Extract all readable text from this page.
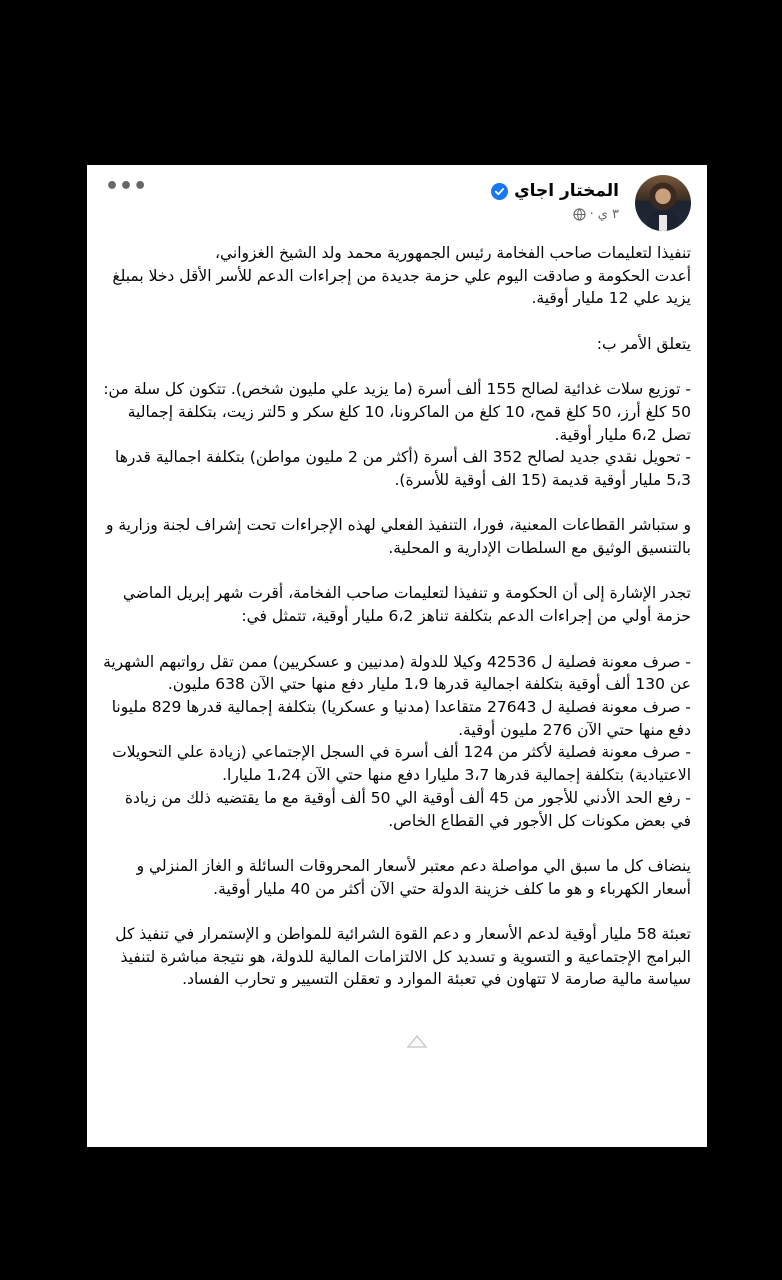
المختار اجاي
٣ ي
·
•••

تنفيذا لتعليمات صاحب الفخامة رئيس الجمهورية محمد ولد الشيخ الغزواني،
أعدت الحكومة و صادقت اليوم علي حزمة جديدة من إجراءات الدعم للأسر الأقل دخلا بمبلغ يزيد علي 12 مليار أوقية.

يتعلق الأمر ب:

- توزيع سلات غدائية لصالح 155 ألف أسرة (ما يزيد علي مليون شخص). تتكون كل سلة من: 50 كلغ أرز، 50 كلغ قمح، 10 كلغ من الماكرونا، 10 كلغ سكر و 5لتر زيت، بتكلفة إجمالية تصل 6،2 مليار أوقية.
- تحويل نقدي جديد لصالح 352 الف أسرة (أكثر من 2 مليون مواطن) بتكلفة اجمالية قدرها 5،3 مليار أوقية قديمة (15 الف أوقية للأسرة).

و ستباشر القطاعات المعنية، فورا، التنفيذ الفعلي لهذه الإجراءات تحت إشراف لجنة وزارية و بالتنسيق الوثيق مع السلطات الإدارية و المحلية.

تجدر الإشارة إلى أن الحكومة و تنفيذا لتعليمات صاحب الفخامة، أقرت شهر إبريل الماضي حزمة أولي من إجراءات الدعم بتكلفة تناهز 6،2 مليار أوقية، تتمثل في:

- صرف معونة فصلية ل 42536 وكيلا للدولة (مدنيين و عسكريين) ممن تقل رواتبهم الشهرية عن 130 ألف أوقية بتكلفة اجمالية قدرها 1،9 مليار دفع منها حتي الآن 638 مليون.
- صرف معونة فصلية ل 27643 متقاعدا (مدنيا و عسكريا) بتكلفة إجمالية قدرها 829 مليونا دفع منها حتي الآن 276 مليون أوقية.
- صرف معونة فصلية لأكثر من 124 ألف أسرة في السجل الإجتماعي (زيادة علي التحويلات الاعتيادية) بتكلفة إجمالية قدرها 3،7 مليارا دفع منها حتي الآن 1،24 مليارا.
- رفع الحد الأدني للأجور من 45 ألف أوقية الي 50 ألف أوقية مع ما يقتضيه ذلك من زيادة في بعض مكونات كل الأجور في القطاع الخاص.

ينضاف كل ما سبق الي مواصلة دعم معتبر لأسعار المحروقات السائلة و الغاز المنزلي و أسعار الكهرباء و هو ما كلف خزينة الدولة حتي الآن أكثر من 40 مليار أوقية.

تعبئة 58 مليار أوقية لدعم الأسعار و دعم القوة الشرائية للمواطن و الإستمرار في تنفيذ كل البرامج الإجتماعية و التسوية و تسديد كل الالتزامات المالية للدولة، هو نتيجة مباشرة لتنفيذ سياسة مالية صارمة لا تتهاون في تعبئة الموارد و تعقلن التسيير و تحارب الفساد.
